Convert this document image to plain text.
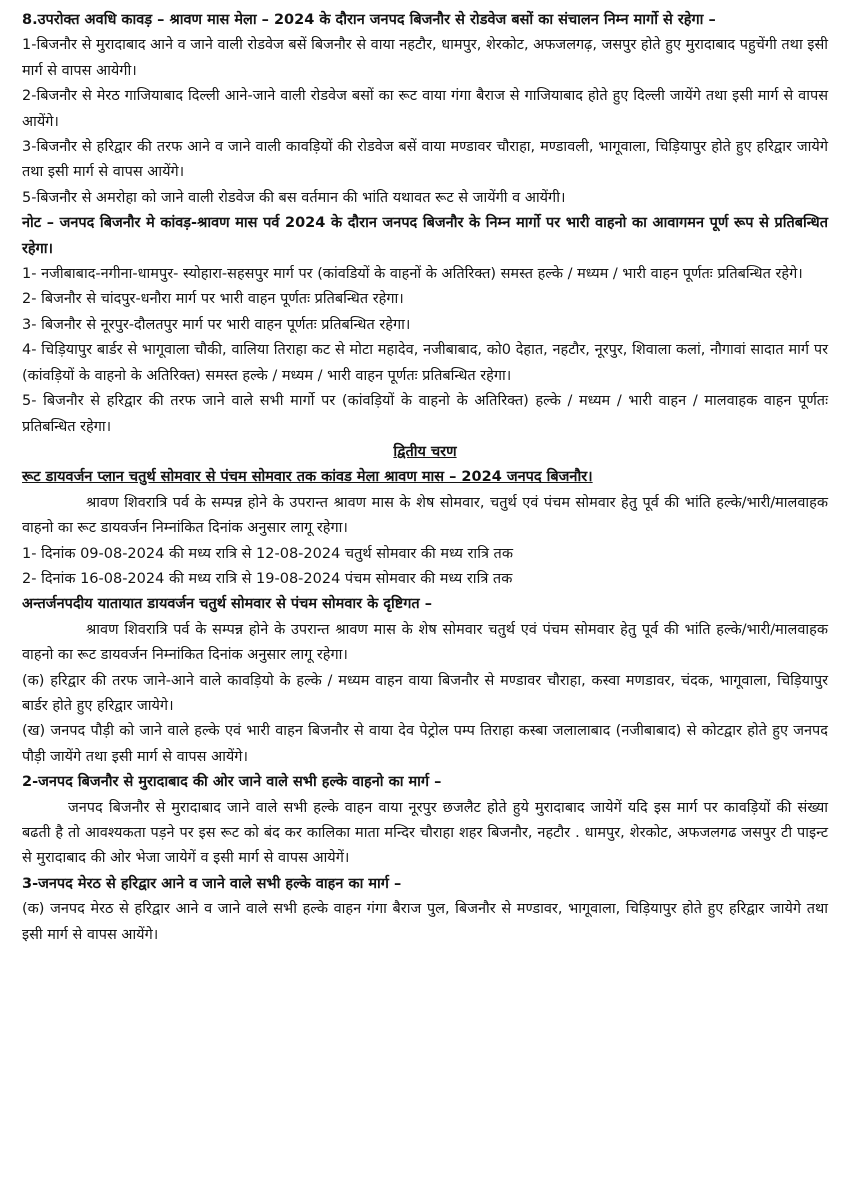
8.उपरोक्त अवधि कावड़ – श्रावण मास मेला – 2024 के दौरान जनपद बिजनौर से रोडवेज बसों का संचालन निम्न मार्गो से रहेगा –

1-बिजनौर से मुरादाबाद आने व जाने वाली रोडवेज बसें बिजनौर से वाया नहटौर, धामपुर, शेरकोट, अफजलगढ़, जसपुर होते हुए मुरादाबाद पहुचेंगी तथा इसी मार्ग से वापस आयेगी।

2-बिजनौर से मेरठ गाजियाबाद दिल्ली आने-जाने वाली रोडवेज बसों का रूट वाया गंगा बैराज से गाजियाबाद होते हुए दिल्ली जायेंगे तथा इसी मार्ग से वापस आयेंगे।

3-बिजनौर से हरिद्वार की तरफ आने व जाने वाली कावड़ियों की रोडवेज बसें वाया मण्डावर चौराहा, मण्डावली, भागूवाला, चिड़ियापुर होते हुए हरिद्वार जायेगे तथा इसी मार्ग से वापस आयेंगे।

5-बिजनौर से अमरोहा को जाने वाली रोडवेज की बस वर्तमान की भांति यथावत रूट से जायेंगी व आयेंगी।

नोट – जनपद बिजनौर मे कांवड़-श्रावण मास पर्व 2024 के दौरान जनपद बिजनौर के निम्न मार्गो पर भारी वाहनो का आवागमन पूर्ण रूप से प्रतिबन्धित रहेगा।

1- नजीबाबाद-नगीना-धामपुर- स्योहारा-सहसपुर मार्ग पर (कांवडियों के वाहनों के अतिरिक्त) समस्त हल्के / मध्यम / भारी वाहन पूर्णतः प्रतिबन्धित रहेगे।

2- बिजनौर से चांदपुर-धनौरा मार्ग पर भारी वाहन पूर्णतः प्रतिबन्धित रहेगा।

3- बिजनौर से नूरपुर-दौलतपुर मार्ग पर भारी वाहन पूर्णतः प्रतिबन्धित रहेगा।

4- चिड़ियापुर बार्डर से भागूवाला चौकी, वालिया तिराहा कट से मोटा महादेव, नजीबाबाद, को0 देहात, नहटौर, नूरपुर, शिवाला कलां, नौगावां सादात मार्ग पर (कांवड़ियों के वाहनो के अतिरिक्त) समस्त हल्के / मध्यम / भारी वाहन पूर्णतः प्रतिबन्धित रहेगा।

5- बिजनौर से हरिद्वार की तरफ जाने वाले सभी मार्गो पर (कांवड़ियों के वाहनो के अतिरिक्त) हल्के / मध्यम / भारी वाहन / मालवाहक वाहन पूर्णतः प्रतिबन्धित रहेगा।

द्वितीय चरण

रूट डायवर्जन प्लान चतुर्थ सोमवार से पंचम सोमवार तक कांवड मेला श्रावण मास – 2024 जनपद बिजनौर।

श्रावण शिवरात्रि पर्व के सम्पन्न होने के उपरान्त श्रावण मास के शेष सोमवार, चतुर्थ एवं पंचम सोमवार हेतु पूर्व की भांति हल्के/भारी/मालवाहक वाहनो का रूट डायवर्जन निम्नांकित दिनांक अनुसार लागू रहेगा।

1- दिनांक 09-08-2024 की मध्य रात्रि से 12-08-2024 चतुर्थ सोमवार की मध्य रात्रि तक

2- दिनांक 16-08-2024 की मध्य रात्रि से 19-08-2024 पंचम सोमवार की मध्य रात्रि तक

अन्तर्जनपदीय यातायात डायवर्जन चतुर्थ सोमवार से पंचम सोमवार के दृष्टिगत –

श्रावण शिवरात्रि पर्व के सम्पन्न होने के उपरान्त श्रावण मास के शेष सोमवार चतुर्थ एवं पंचम सोमवार हेतु पूर्व की भांति हल्के/भारी/मालवाहक वाहनो का रूट डायवर्जन निम्नांकित दिनांक अनुसार लागू रहेगा।

(क) हरिद्वार की तरफ जाने-आने वाले कावड़ियो के हल्के / मध्यम वाहन वाया बिजनौर से मण्डावर चौराहा, कस्वा मणडावर, चंदक, भागूवाला, चिड़ियापुर बार्डर होते हुए हरिद्वार जायेगे।

(ख) जनपद पौड़ी को जाने वाले हल्के एवं भारी वाहन बिजनौर से वाया देव पेट्रोल पम्प तिराहा कस्बा जलालाबाद (नजीबाबाद) से कोटद्वार होते हुए जनपद पौड़ी जायेंगे तथा इसी मार्ग से वापस आयेंगे।

2-जनपद बिजनौर से मुरादाबाद की ओर जाने वाले सभी हल्के वाहनो का मार्ग –

जनपद बिजनौर से मुरादाबाद जाने वाले सभी हल्के वाहन वाया नूरपुर छजलैट होते हुये मुरादाबाद जायेगें यदि इस मार्ग पर कावड़ियों की संख्या बढती है तो आवश्यकता पड़ने पर इस रूट को बंद कर कालिका माता मन्दिर चौराहा शहर बिजनौर, नहटौर . धामपुर, शेरकोट, अफजलगढ जसपुर टी पाइन्ट से मुरादाबाद की ओर भेजा जायेगें व इसी मार्ग से वापस आयेगें।

3-जनपद मेरठ से हरिद्वार आने व जाने वाले सभी हल्के वाहन का मार्ग –

(क) जनपद मेरठ से हरिद्वार आने व जाने वाले सभी हल्के वाहन गंगा बैराज पुल, बिजनौर से मण्डावर, भागूवाला, चिड़ियापुर होते हुए हरिद्वार जायेगे तथा इसी मार्ग से वापस आयेंगे।
